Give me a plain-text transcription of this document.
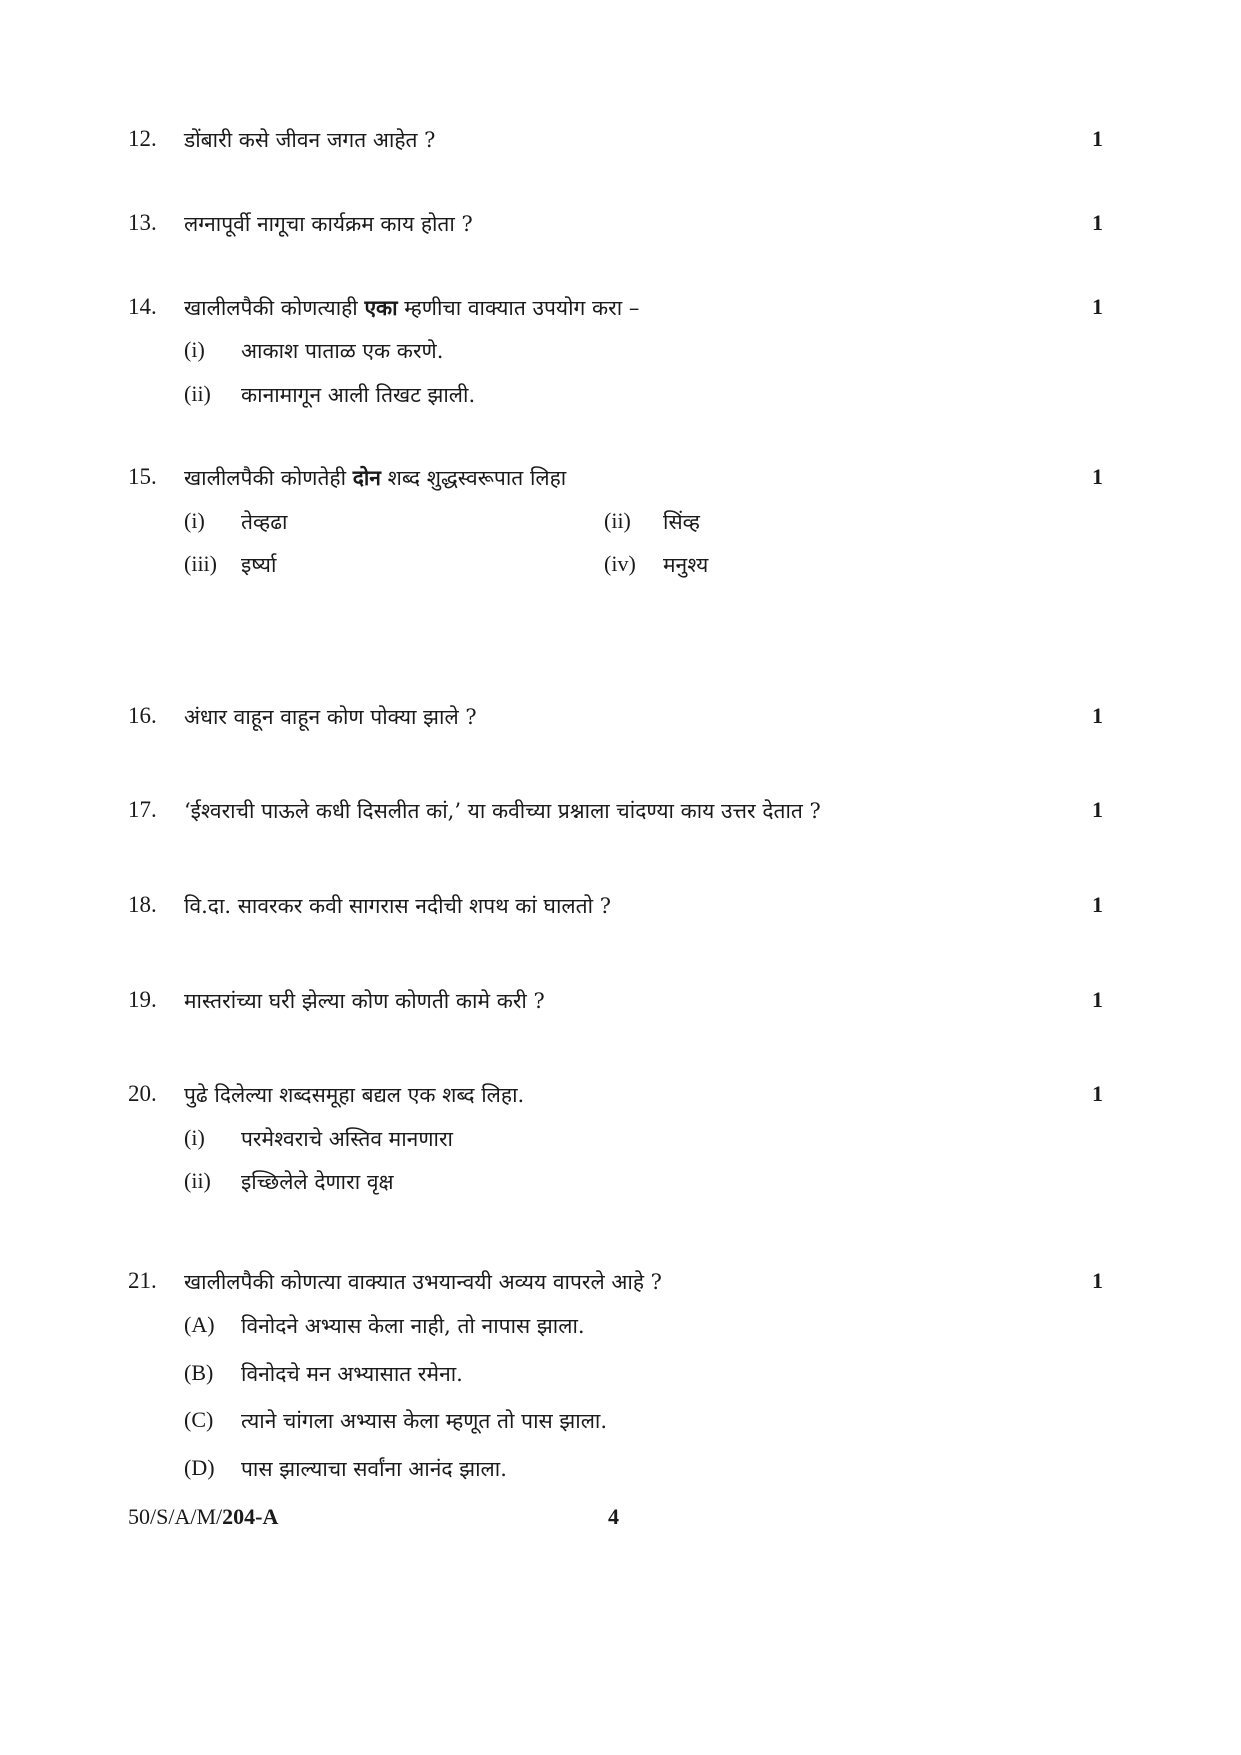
12. डोंबारी कसे जीवन जगत आहेत ?	1
13. लग्नापूर्वी नागूचा कार्यक्रम काय होता ?	1
14. खालीलपैकी कोणत्याही एका म्हणीचा वाक्यात उपयोग करा –	1
(i) आकाश पाताळ एक करणे.
(ii) कानामागून आली तिखट झाली.
15. खालीलपैकी कोणतेही दोन शब्द शुद्धस्वरूपात लिहा	1
(i) तेव्हढा	(ii) सिंव्ह
(iii) इर्ष्या	(iv) मनुश्य
16. अंधार वाहून वाहून कोण पोक्या झाले ?	1
17. ‘ईश्वराची पाऊले कधी दिसलीत कां,’ या कवीच्या प्रश्नाला चांदण्या काय उत्तर देतात ?	1
18. वि.दा. सावरकर कवी सागरास नदीची शपथ कां घालतो ?	1
19. मास्तरांच्या घरी झेल्या कोण कोणती कामे करी ?	1
20. पुढे दिलेल्या शब्दसमूहा बद्यल एक शब्द लिहा.	1
(i) परमेश्वराचे अस्तिव मानणारा
(ii) इच्छिलेले देणारा वृक्ष
21. खालीलपैकी कोणत्या वाक्यात उभयान्वयी अव्यय वापरले आहे ?	1
(A) विनोदने अभ्यास केला नाही, तो नापास झाला.
(B) विनोदचे मन अभ्यासात रमेना.
(C) त्याने चांगला अभ्यास केला म्हणूत तो पास झाला.
(D) पास झाल्याचा सर्वांना आनंद झाला.
50/S/A/M/204-A	4
